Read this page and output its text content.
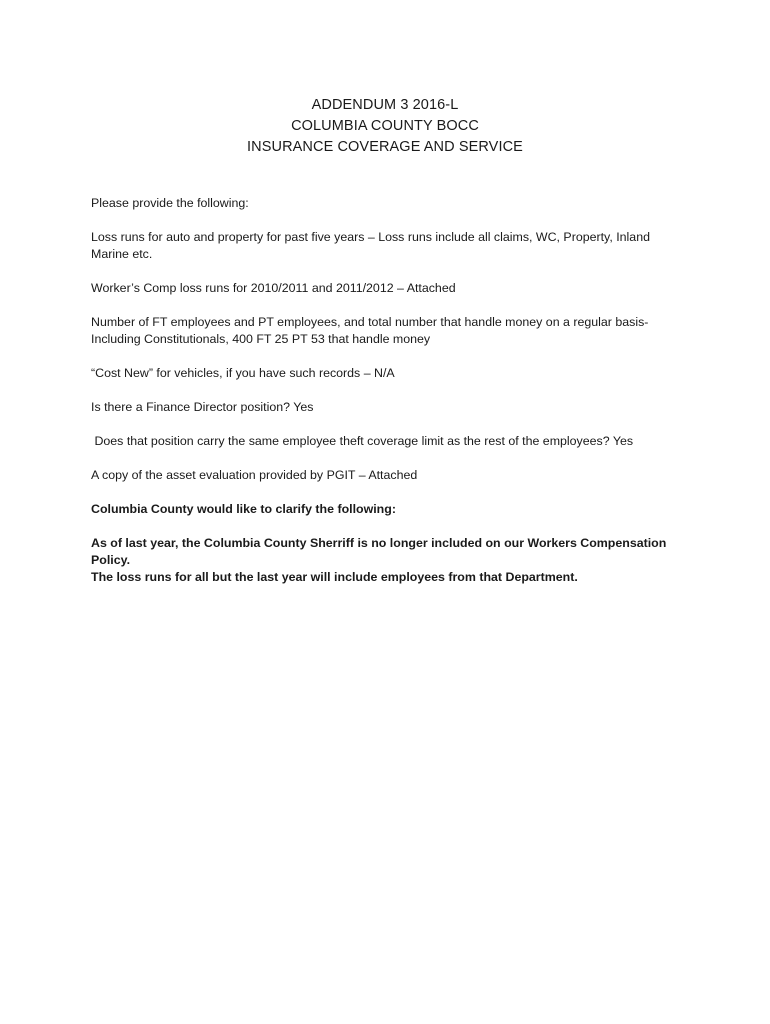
ADDENDUM 3 2016-L
COLUMBIA COUNTY BOCC
INSURANCE COVERAGE AND SERVICE

Please provide the following:

Loss runs for auto and property for past five years – Loss runs include all claims, WC, Property, Inland Marine etc.

Worker’s Comp loss runs for 2010/2011 and 2011/2012 – Attached

Number of FT employees and PT employees, and total number that handle money on a regular basis- Including Constitutionals, 400 FT 25 PT 53 that handle money

“Cost New” for vehicles, if you have such records – N/A

Is there a Finance Director position? Yes

Does that position carry the same employee theft coverage limit as the rest of the employees? Yes

A copy of the asset evaluation provided by PGIT – Attached

Columbia County would like to clarify the following:

As of last year, the Columbia County Sherriff is no longer included on our Workers Compensation Policy.

The loss runs for all but the last year will include employees from that Department.
